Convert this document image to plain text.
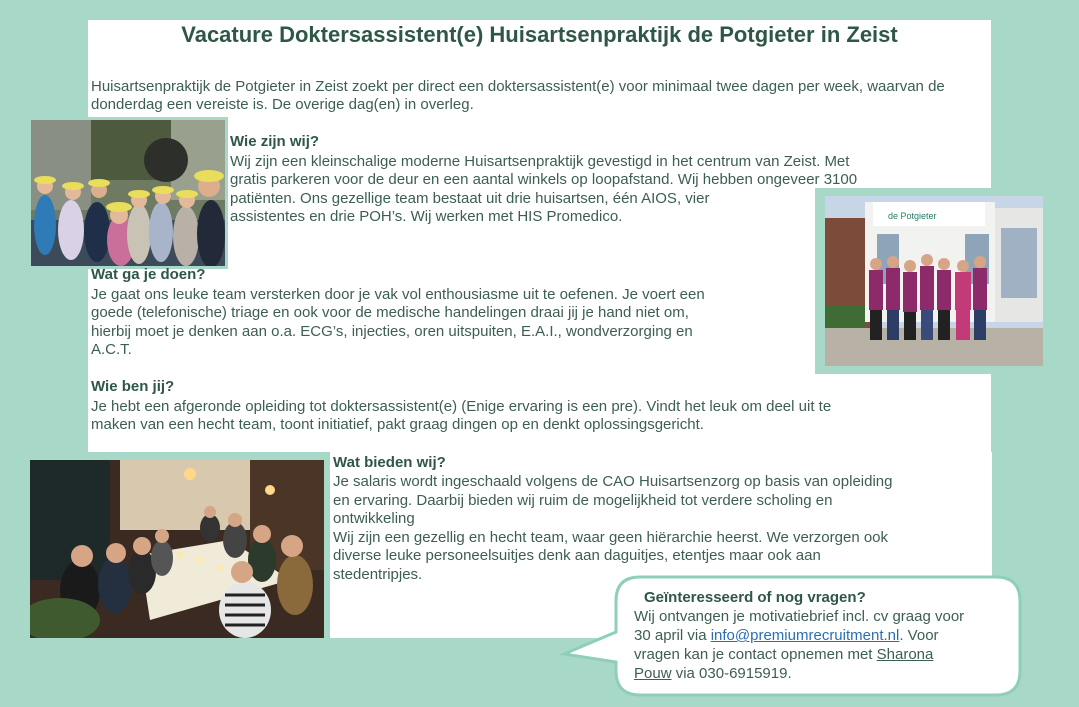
Vacature Doktersassistent(e) Huisartsenpraktijk de Potgieter in Zeist

Huisartsenpraktijk de Potgieter in Zeist zoekt per direct een doktersassistent(e) voor minimaal twee dagen per week, waarvan de donderdag een vereiste is. De overige dag(en) in overleg.

Wie zijn wij?

Wij zijn een kleinschalige moderne Huisartsenpraktijk gevestigd in het centrum van Zeist. Met

gratis parkeren voor de deur en een aantal winkels op loopafstand. Wij hebben ongeveer 3100

patiënten. Ons gezellige team bestaat uit drie huisartsen, één AIOS, vier

assistentes en drie POH’s. Wij werken met HIS Promedico.	de Potgieter
Wat ga je doen?

Je gaat ons leuke team versterken door je vak vol enthousiasme uit te oefenen. Je voert een

goede (telefonische) triage en ook voor de medische handelingen draai jij je hand niet om,

hierbij moet je denken aan o.a. ECG’s, injecties, oren uitspuiten, E.A.I., wondverzorging en

A.C.T.

Wie ben jij?

Je hebt een afgeronde opleiding tot doktersassistent(e) (Enige ervaring is een pre). Vindt het leuk om deel uit te

maken van een hecht team, toont initiatief, pakt graag dingen op en denkt oplossingsgericht.

Wat bieden wij?

Je salaris wordt ingeschaald volgens de CAO Huisartsenzorg op basis van opleiding

en ervaring. Daarbij bieden wij ruim de mogelijkheid tot verdere scholing en

ontwikkeling

Wij zijn een gezellig en hecht team, waar geen hiërarchie heerst. We verzorgen ook

diverse leuke personeelsuitjes denk aan daguitjes, etentjes maar ook aan

stedentripjes.

Geïnteresseerd of nog vragen?
Wij ontvangen je motivatiebrief incl. cv graag voor
30 april via info@premiumrecruitment.nl. Voor
vragen kan je contact opnemen met Sharona
Pouw via 030-6915919.
